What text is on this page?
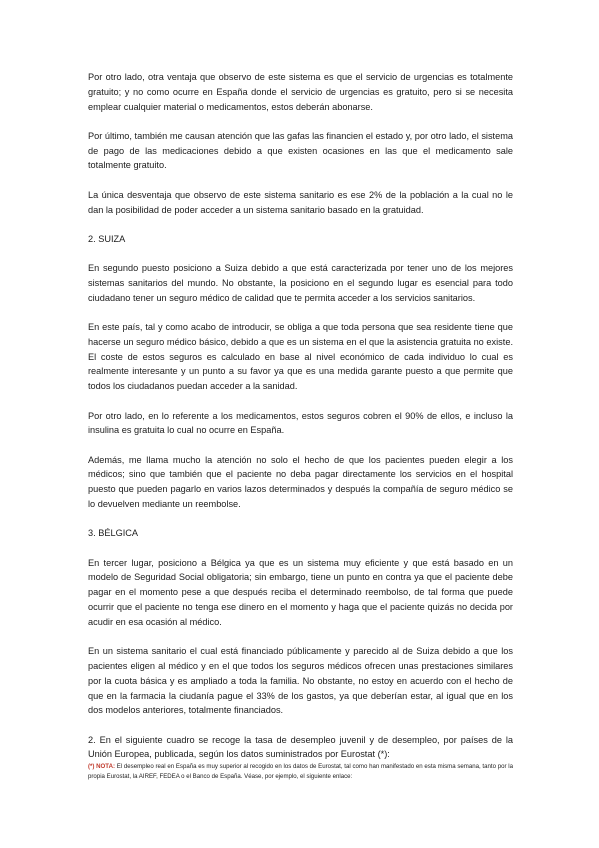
Por otro lado, otra ventaja que observo de este sistema es que el servicio de urgencias es totalmente gratuito; y no como ocurre en España donde el servicio de urgencias es gratuito, pero si se necesita emplear cualquier material o medicamentos, estos deberán abonarse.

Por último, también me causan atención que las gafas las financien el estado y, por otro lado, el sistema de pago de las medicaciones debido a que existen ocasiones en las que el medicamento sale totalmente gratuito.

La única desventaja que observo de este sistema sanitario es ese 2% de la población a la cual no le dan la posibilidad de poder acceder a un sistema sanitario basado en la gratuidad.

2. SUIZA

En segundo puesto posiciono a Suiza debido a que está caracterizada por tener uno de los mejores sistemas sanitarios del mundo. No obstante, la posiciono en el segundo lugar es esencial para todo ciudadano tener un seguro médico de calidad que te permita acceder a los servicios sanitarios.

En este país, tal y como acabo de introducir, se obliga a que toda persona que sea residente tiene que hacerse un seguro médico básico, debido a que es un sistema en el que la asistencia gratuita no existe. El coste de estos seguros es calculado en base al nivel económico de cada individuo lo cual es realmente interesante y un punto a su favor ya que es una medida garante puesto a que permite que todos los ciudadanos puedan acceder a la sanidad.

Por otro lado, en lo referente a los medicamentos, estos seguros cobren el 90% de ellos, e incluso la insulina es gratuita lo cual no ocurre en España.

Además, me llama mucho la atención no solo el hecho de que los pacientes pueden elegir a los médicos; sino que también que el paciente no deba pagar directamente los servicios en el hospital puesto que pueden pagarlo en varios lazos determinados y después la compañía de seguro médico se lo devuelven mediante un reembolse.

3. BÉLGICA

En tercer lugar, posiciono a Bélgica ya que es un sistema muy eficiente y que está basado en un modelo de Seguridad Social obligatoria; sin embargo, tiene un punto en contra ya que el paciente debe pagar en el momento pese a que después reciba el determinado reembolso, de tal forma que puede ocurrir que el paciente no tenga ese dinero en el momento y haga que el paciente quizás no decida por acudir en esa ocasión al médico.

En un sistema sanitario el cual está financiado públicamente y parecido al de Suiza debido a que los pacientes eligen al médico y en el que todos los seguros médicos ofrecen unas prestaciones similares por la cuota básica y es ampliado a toda la familia. No obstante, no estoy en acuerdo con el hecho de que en la farmacia la ciudanía pague el 33% de los gastos, ya que deberían estar, al igual que en los dos modelos anteriores, totalmente financiados.

2. En el siguiente cuadro se recoge la tasa de desempleo juvenil y de desempleo, por países de la Unión Europea, publicada, según los datos suministrados por Eurostat (*):

(*) NOTA: El desempleo real en España es muy superior al recogido en los datos de Eurostat, tal como han manifestado en esta misma semana, tanto por la propia Eurostat, la AIREF, FEDEA o el Banco de España. Véase, por ejemplo, el siguiente enlace:
